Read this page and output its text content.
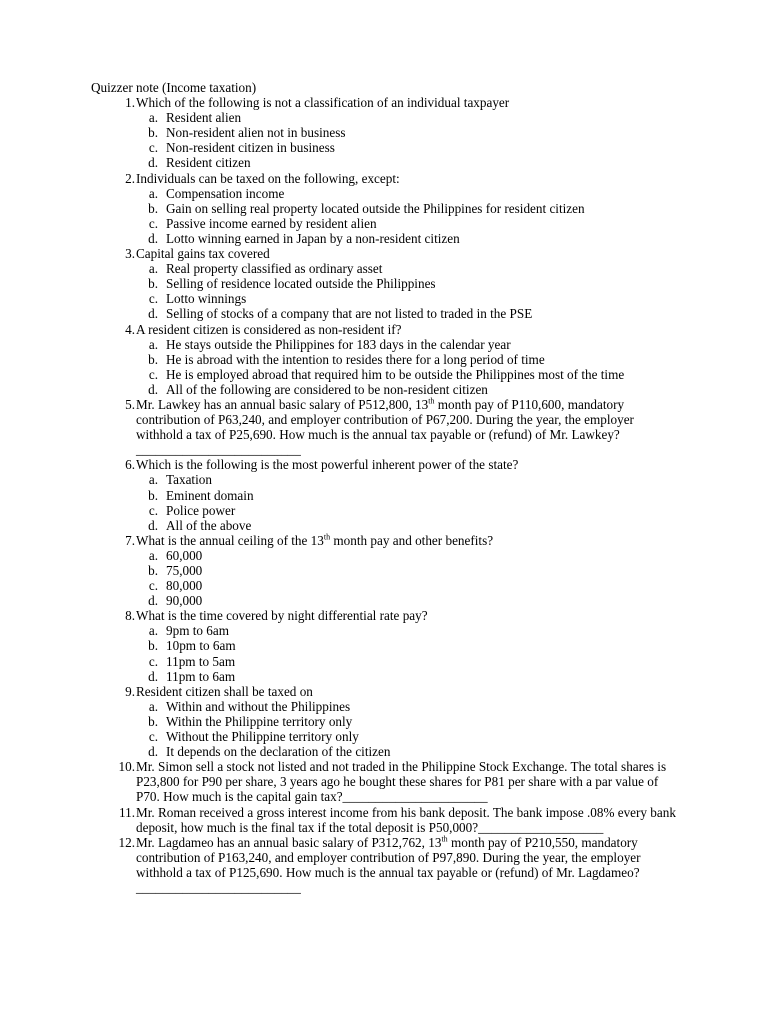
Quizzer note (Income taxation)
1. Which of the following is not a classification of an individual taxpayer
a. Resident alien
b. Non-resident alien not in business
c. Non-resident citizen in business
d. Resident citizen
2. Individuals can be taxed on the following, except:
a. Compensation income
b. Gain on selling real property located outside the Philippines for resident citizen
c. Passive income earned by resident alien
d. Lotto winning earned in Japan by a non-resident citizen
3. Capital gains tax covered
a. Real property classified as ordinary asset
b. Selling of residence located outside the Philippines
c. Lotto winnings
d. Selling of stocks of a company that are not listed to traded in the PSE
4. A resident citizen is considered as non-resident if?
a. He stays outside the Philippines for 183 days in the calendar year
b. He is abroad with the intention to resides there for a long period of time
c. He is employed abroad that required him to be outside the Philippines most of the time
d. All of the following are considered to be non-resident citizen
5. Mr. Lawkey has an annual basic salary of P512,800, 13th month pay of P110,600, mandatory contribution of P63,240, and employer contribution of P67,200. During the year, the employer withhold a tax of P25,690. How much is the annual tax payable or (refund) of Mr. Lawkey?_________________________
6. Which is the following is the most powerful inherent power of the state?
a. Taxation
b. Eminent domain
c. Police power
d. All of the above
7. What is the annual ceiling of the 13th month pay and other benefits?
a. 60,000
b. 75,000
c. 80,000
d. 90,000
8. What is the time covered by night differential rate pay?
a. 9pm to 6am
b. 10pm to 6am
c. 11pm to 5am
d. 11pm to 6am
9. Resident citizen shall be taxed on
a. Within and without the Philippines
b. Within the Philippine territory only
c. Without the Philippine territory only
d. It depends on the declaration of the citizen
10. Mr. Simon sell a stock not listed and not traded in the Philippine Stock Exchange. The total shares is P23,800 for P90 per share, 3 years ago he bought these shares for P81 per share with a par value of P70. How much is the capital gain tax?______________________
11. Mr. Roman received a gross interest income from his bank deposit. The bank impose .08% every bank deposit, how much is the final tax if the total deposit is P50,000?___________________
12. Mr. Lagdameo has an annual basic salary of P312,762, 13th month pay of P210,550, mandatory contribution of P163,240, and employer contribution of P97,890. During the year, the employer withhold a tax of P125,690. How much is the annual tax payable or (refund) of Mr. Lagdameo?_________________________
